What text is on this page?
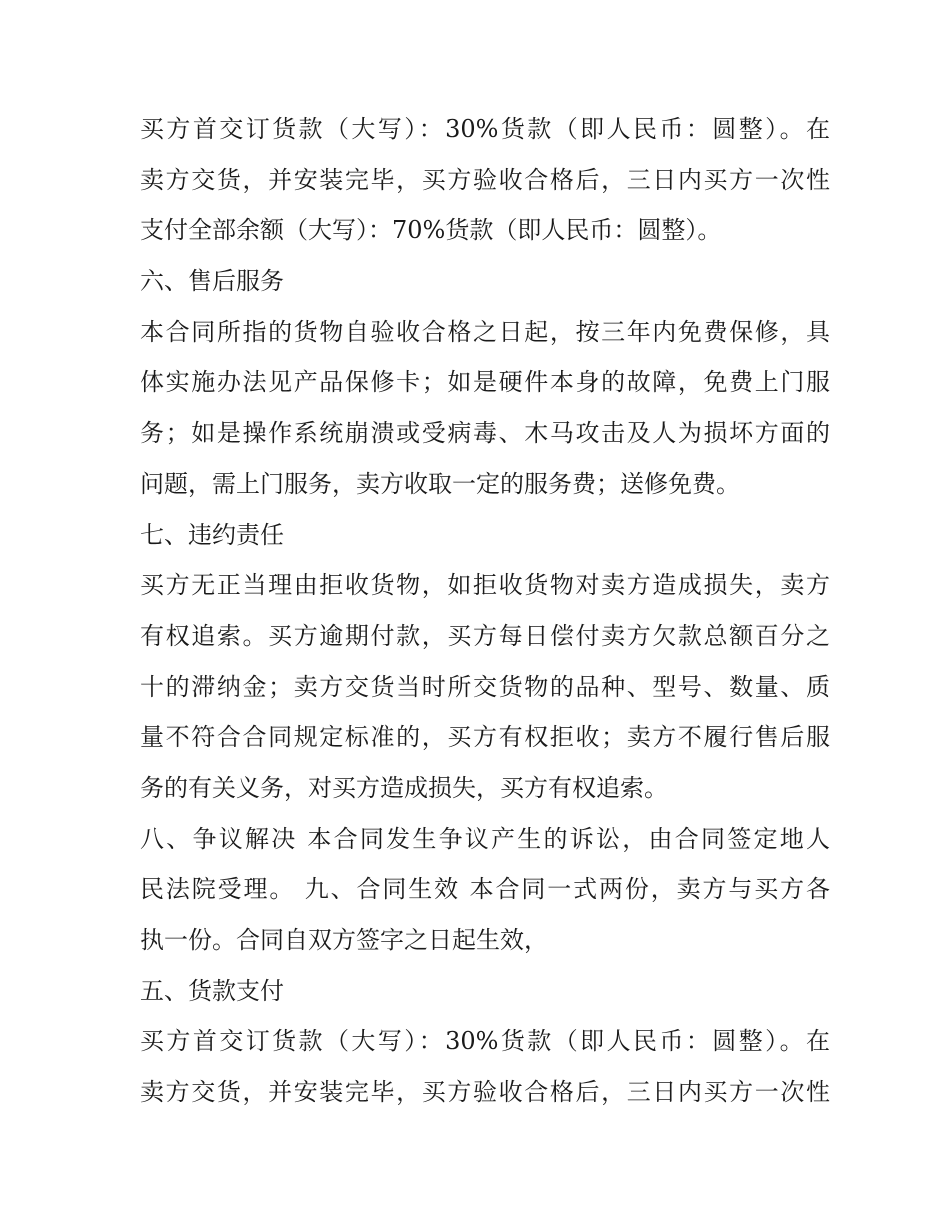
买方首交订货款（大写）：30%货款（即人民币：圆整）。在
卖方交货，并安装完毕，买方验收合格后，三日内买方一次性
支付全部余额（大写）：70%货款（即人民币：圆整）。
六、售后服务
本合同所指的货物自验收合格之日起，按三年内免费保修，具
体实施办法见产品保修卡；如是硬件本身的故障，免费上门服
务；如是操作系统崩溃或受病毒、木马攻击及人为损坏方面的
问题，需上门服务，卖方收取一定的服务费；送修免费。
七、违约责任
买方无正当理由拒收货物，如拒收货物对卖方造成损失，卖方
有权追索。买方逾期付款，买方每日偿付卖方欠款总额百分之
十的滞纳金；卖方交货当时所交货物的品种、型号、数量、质
量不符合合同规定标准的，买方有权拒收；卖方不履行售后服
务的有关义务，对买方造成损失，买方有权追索。
八、争议解决 本合同发生争议产生的诉讼，由合同签定地人
民法院受理。 九、合同生效 本合同一式两份，卖方与买方各
执一份。合同自双方签字之日起生效，
五、货款支付
买方首交订货款（大写）：30%货款（即人民币：圆整）。在
卖方交货，并安装完毕，买方验收合格后，三日内买方一次性
